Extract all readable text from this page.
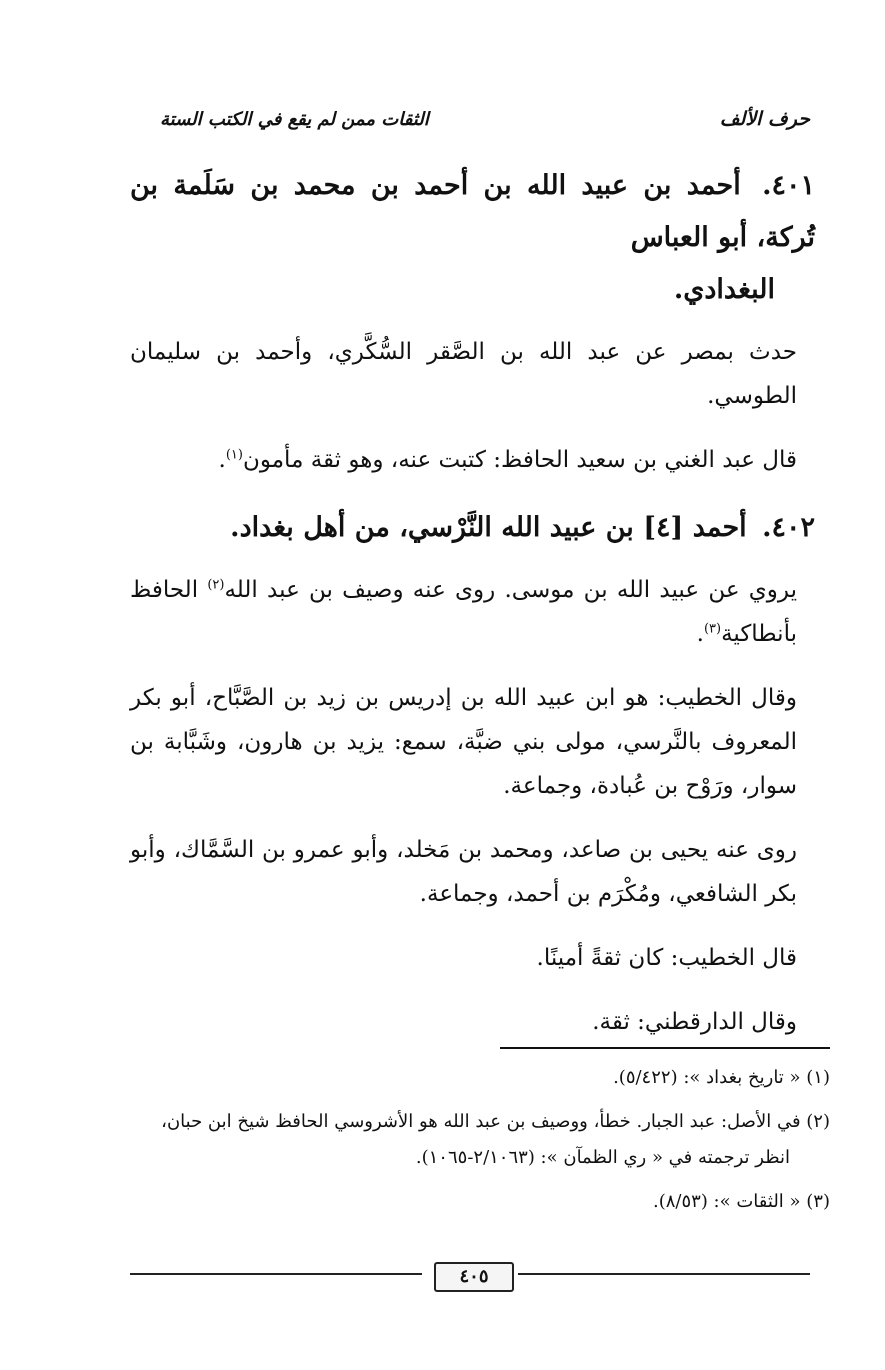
حرف الألف
الثقات ممن لم يقع في الكتب الستة
٤٠١. أحمد بن عبيد الله بن أحمد بن محمد بن سَلَمة بن تُركة، أبو العباس
البغدادي.

حدث بمصر عن عبد الله بن الصَّقر السُّكَّري، وأحمد بن سليمان الطوسي.

قال عبد الغني بن سعيد الحافظ: كتبت عنه، وهو ثقة مأمون$^{(١)}$.

٤٠٢. أحمد [٤] بن عبيد الله النَّرْسي، من أهل بغداد.

يروي عن عبيد الله بن موسى. روى عنه وصيف بن عبد الله$^{(٢)}$ الحافظ بأنطاكية$^{(٣)}$.

وقال الخطيب: هو ابن عبيد الله بن إدريس بن زيد بن الصَّبَّاح، أبو بكر المعروف بالنَّرسي، مولى بني ضبَّة، سمع: يزيد بن هارون، وشَبَّابة بن سوار، ورَوْح بن عُبادة، وجماعة.

روى عنه يحيى بن صاعد، ومحمد بن مَخلد، وأبو عمرو بن السَّمَّاك، وأبو بكر الشافعي، ومُكْرَم بن أحمد، وجماعة.

قال الخطيب: كان ثقةً أمينًا.

وقال الدارقطني: ثقة.

(١) « تاريخ بغداد »: (٥/٤٢٢).

(٢) في الأصل: عبد الجبار. خطأ، ووصيف بن عبد الله هو الأشروسي الحافظ شيخ ابن حبان،
انظر ترجمته في « ري الظمآن »: (٢/١٠٦٣-١٠٦٥).

(٣) « الثقات »: (٨/٥٣).

٤٠٥
